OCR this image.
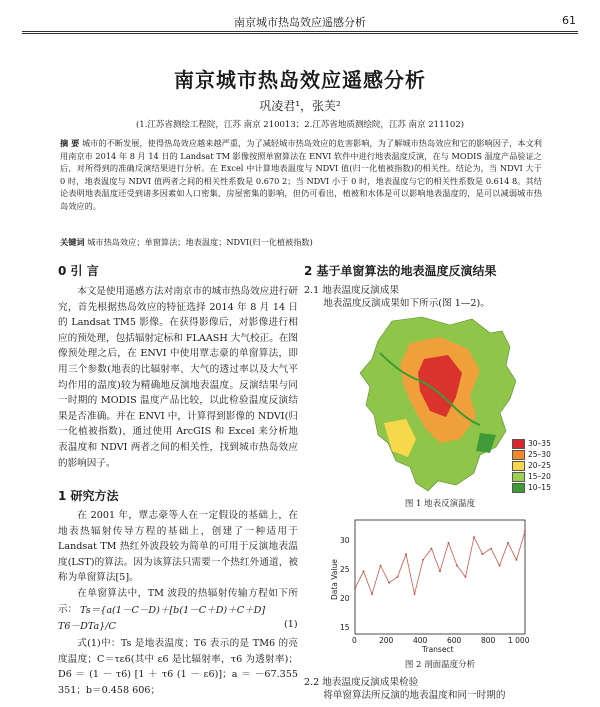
南京城市热岛效应遥感分析	61
南京城市热岛效应遥感分析
巩凌君¹，张芙²
(1.江苏省测绘工程院，江苏 南京 210013；2.江苏省地质测绘院，江苏 南京 211102)
摘 要 城市的不断发展，使得热岛效应越来越严重，为了减轻城市热岛效应的危害影响，为了解城市热岛效应和它的影响因子，本文利用南京市 2014 年 8 月 14 日的 Landsat TM 影像按照单窗算法在 ENVI 软件中进行地表温度反演，在与 MODIS 温度产品验证之后，对所得到的准确反演结果进行分析。在 Excel 中计算地表温度与 NDVI 值(归一化植被指数)的相关性。结论为，当 NDVI 大于 0 时，地表温度与 NDVI 值两者之间的相关性系数是 0.670 2；当 NDVI 小于 0 时，地表温度与它的相关性系数是 0.614 8。其结论表明地表温度还受到诸多因素如人口密集、房屋密集的影响，但仍可看出，植被和水体是可以影响地表温度的，是可以减弱城市热岛效应的。
关键词 城市热岛效应；单窗算法；地表温度；NDVI(归一化植被指数)
0 引 言

本文是使用遥感方法对南京市的城市热岛效应进行研究，首先根据热岛效应的特征选择 2014 年 8 月 14 日的 Landsat TM5 影像。在获得影像后，对影像进行相应的预处理，包括辐射定标和 FLAASH 大气校正。在图像预处理之后，在 ENVI 中使用覃志豪的单窗算法，即用三个参数(地表的比辐射率、大气的透过率以及大气平均作用的温度)较为精确地反演地表温度。反演结果与同一时期的 MODIS 温度产品比较，以此检验温度反演结果是否准确。并在 ENVI 中，计算得到影像的 NDVI(归一化植被指数)，通过使用 ArcGIS 和 Excel 来分析地表温度和 NDVI 两者之间的相关性，找到城市热岛效应的影响因子。

1 研究方法

在 2001 年，覃志豪等人在一定假设的基础上，在地表热辐射传导方程的基础上，创建了一种适用于 Landsat TM 热红外波段较为简单的可用于反演地表温度(LST)的算法。因为该算法只需要一个热红外通道，被称为单窗算法[5]。

在单窗算法中，TM 波段的热辐射传输方程如下所示： Ts＝{a(1－C－D)＋[b(1－C＋D)＋C＋D]
T6－DTa}/C	(1)

式(1)中：Ts 是地表温度；T6 表示的是 TM6 的亮度温度；C＝τε6(其中 ε6 是比辐射率，τ6 为透射率)；D6 ＝ (1 － τ6) [1 ＋ τ6 (1 － ε6)]；a ＝ －67.355 351；b＝0.458 606；

2 基于单窗算法的地表温度反演结果
2.1 地表温度反演成果

地表温度反演成果如下所示(图 1—2)。

30–35
25–30
20–25
15–20
10–15
图 1 地表反演温度
Data Value
Transect
30
25
20
15
0	200	400	600	800 1 000
图 2 剖面温度分析
2.2 地表温度反演成果检验

将单窗算法所反演的地表温度和同一时期的
